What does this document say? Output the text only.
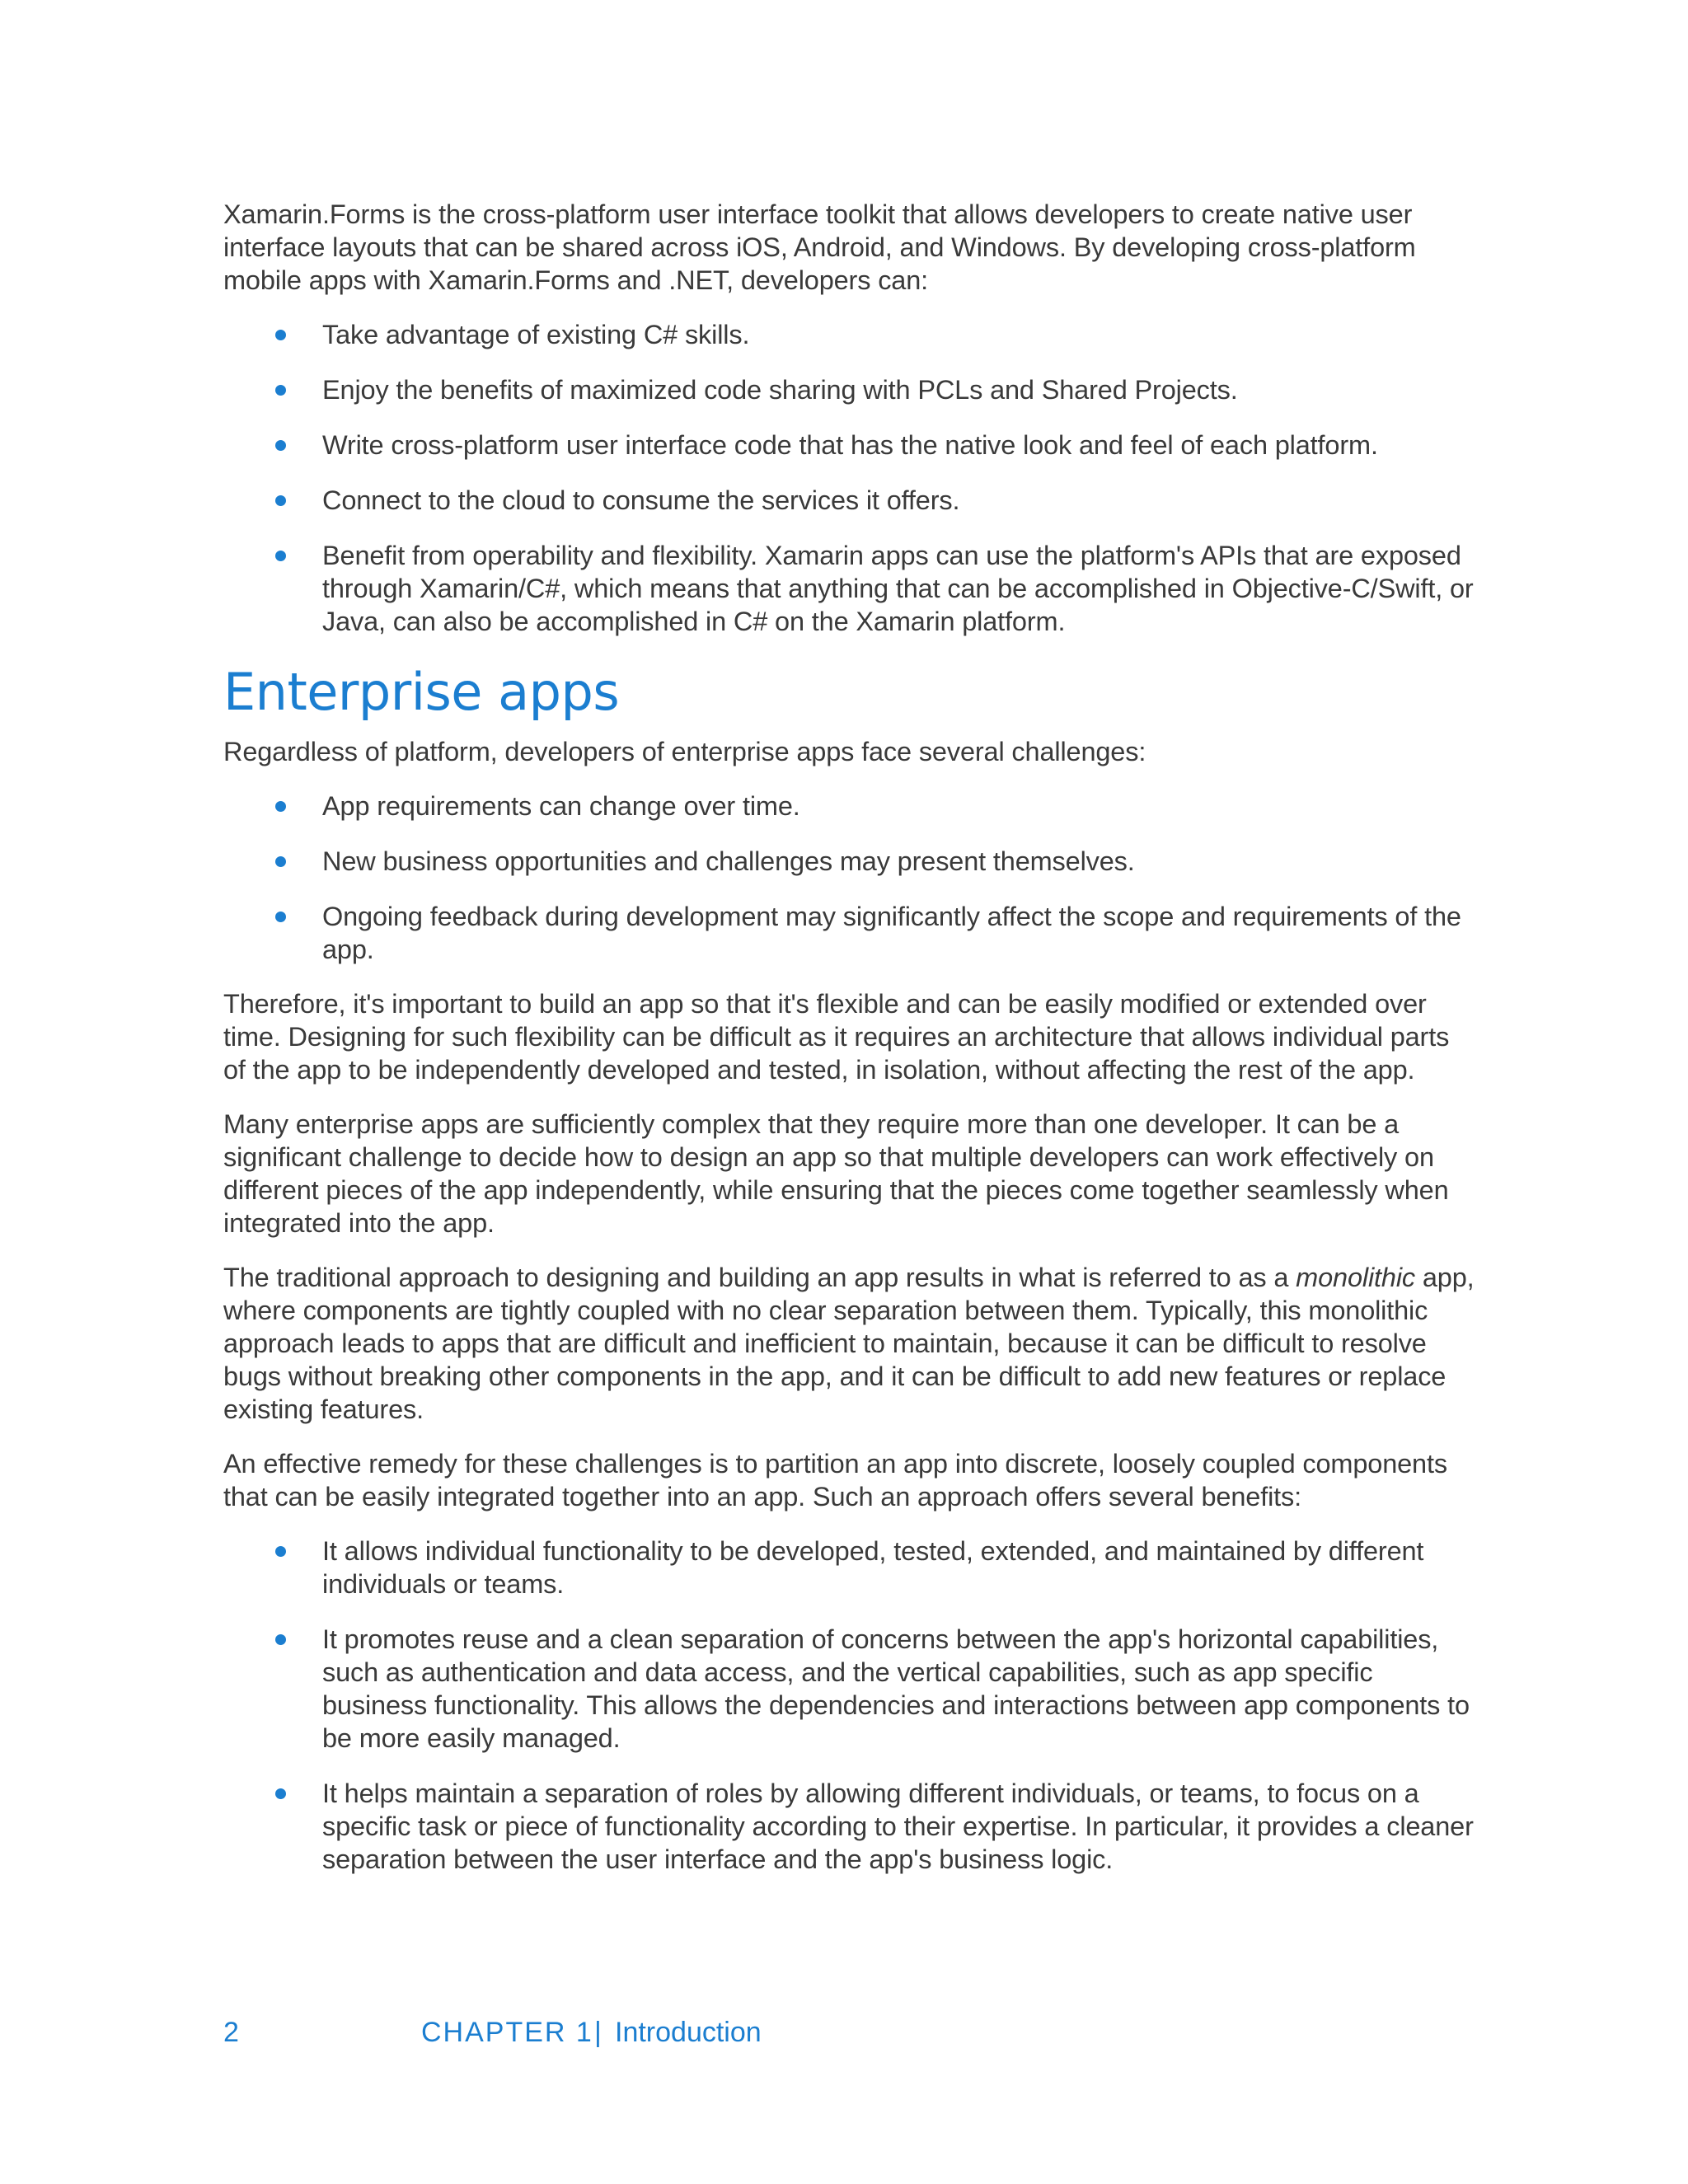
Xamarin.Forms is the cross-platform user interface toolkit that allows developers to create native user interface layouts that can be shared across iOS, Android, and Windows. By developing cross-platform mobile apps with Xamarin.Forms and .NET, developers can:

Take advantage of existing C# skills.
Enjoy the benefits of maximized code sharing with PCLs and Shared Projects.
Write cross-platform user interface code that has the native look and feel of each platform.
Connect to the cloud to consume the services it offers.
Benefit from operability and flexibility. Xamarin apps can use the platform's APIs that are exposed through Xamarin/C#, which means that anything that can be accomplished in Objective-C/Swift, or Java, can also be accomplished in C# on the Xamarin platform.
Enterprise apps

Regardless of platform, developers of enterprise apps face several challenges:

App requirements can change over time.
New business opportunities and challenges may present themselves.
Ongoing feedback during development may significantly affect the scope and requirements of the app.

Therefore, it's important to build an app so that it's flexible and can be easily modified or extended over time. Designing for such flexibility can be difficult as it requires an architecture that allows individual parts of the app to be independently developed and tested, in isolation, without affecting the rest of the app.

Many enterprise apps are sufficiently complex that they require more than one developer. It can be a significant challenge to decide how to design an app so that multiple developers can work effectively on different pieces of the app independently, while ensuring that the pieces come together seamlessly when integrated into the app.

The traditional approach to designing and building an app results in what is referred to as a monolithic app, where components are tightly coupled with no clear separation between them. Typically, this monolithic approach leads to apps that are difficult and inefficient to maintain, because it can be difficult to resolve bugs without breaking other components in the app, and it can be difficult to add new features or replace existing features.

An effective remedy for these challenges is to partition an app into discrete, loosely coupled components that can be easily integrated together into an app. Such an approach offers several benefits:

It allows individual functionality to be developed, tested, extended, and maintained by different individuals or teams.
It promotes reuse and a clean separation of concerns between the app's horizontal capabilities, such as authentication and data access, and the vertical capabilities, such as app specific business functionality. This allows the dependencies and interactions between app components to be more easily managed.
It helps maintain a separation of roles by allowing different individuals, or teams, to focus on a specific task or piece of functionality according to their expertise. In particular, it provides a cleaner separation between the user interface and the app's business logic.
2	CHAPTER 1 | Introduction
